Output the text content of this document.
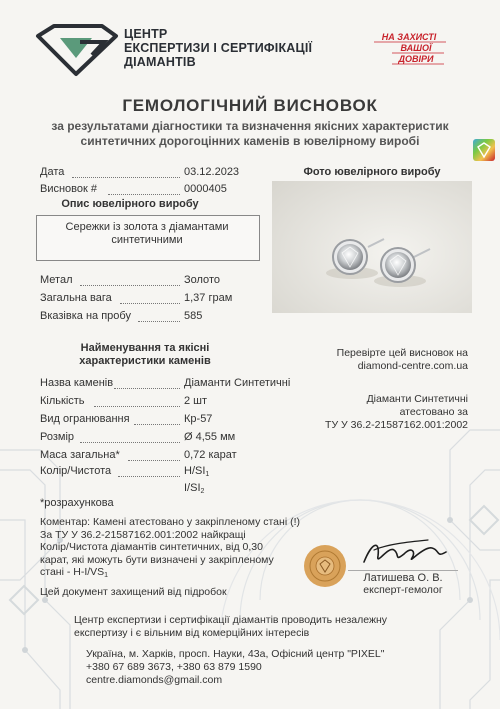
ЦЕНТР
ЕКСПЕРТИЗИ І СЕРТИФІКАЦІЇ
ДІАМАНТІВ
НА ЗАХИСТІ
ВАШОЇ
ДОВІРИ
ГЕМОЛОГІЧНИЙ ВИСНОВОК
за результатами діагностики та визначення якісних характеристик
синтетичних дорогоцінних каменів в ювелірному виробі
Дата	03.12.2023
Висновок #	0000405
Опис ювелірного виробу
Сережки із золота з діамантами
синтетичними
Метал	Золото
Загальна вага	1,37 грам
Вказівка на пробу	585
Фото ювелірного виробу
Перевірте цей висновок на
diamond-centre.com.ua
Діаманти Синтетичні
атестовано за
ТУ У 36.2-21587162.001:2002
Найменування та якісні
характеристики каменів
Назва каменів	Діаманти Синтетичні
Кількість	2 шт
Вид огранювання	Кр-57
Розмір	Ø 4,55 мм
Маса загальна*	0,72 карат
Колір/Чистота	$H/SI_1$
$I/SI_2$
*розрахункова
Коментар: Камені атестовано у закріпленому стані (!)
За ТУ У 36.2-21587162.001:2002 найкращі
Колір/Чистота діамантів синтетичних, від 0,30
карат, які можуть бути визначені у закріпленому
стані - $H-I/VS_1$
Цей документ захищений від підробок
Латишева О. В.
експерт-гемолог
Центр експертизи і сертифікації діамантів проводить незалежну
експертизу і є вільним від комерційних інтересів
Україна, м. Харків, просп. Науки, 43а, Офісний центр "PIXEL"
+380 67 689 3673, +380 63 879 1590
centre.diamonds@gmail.com
